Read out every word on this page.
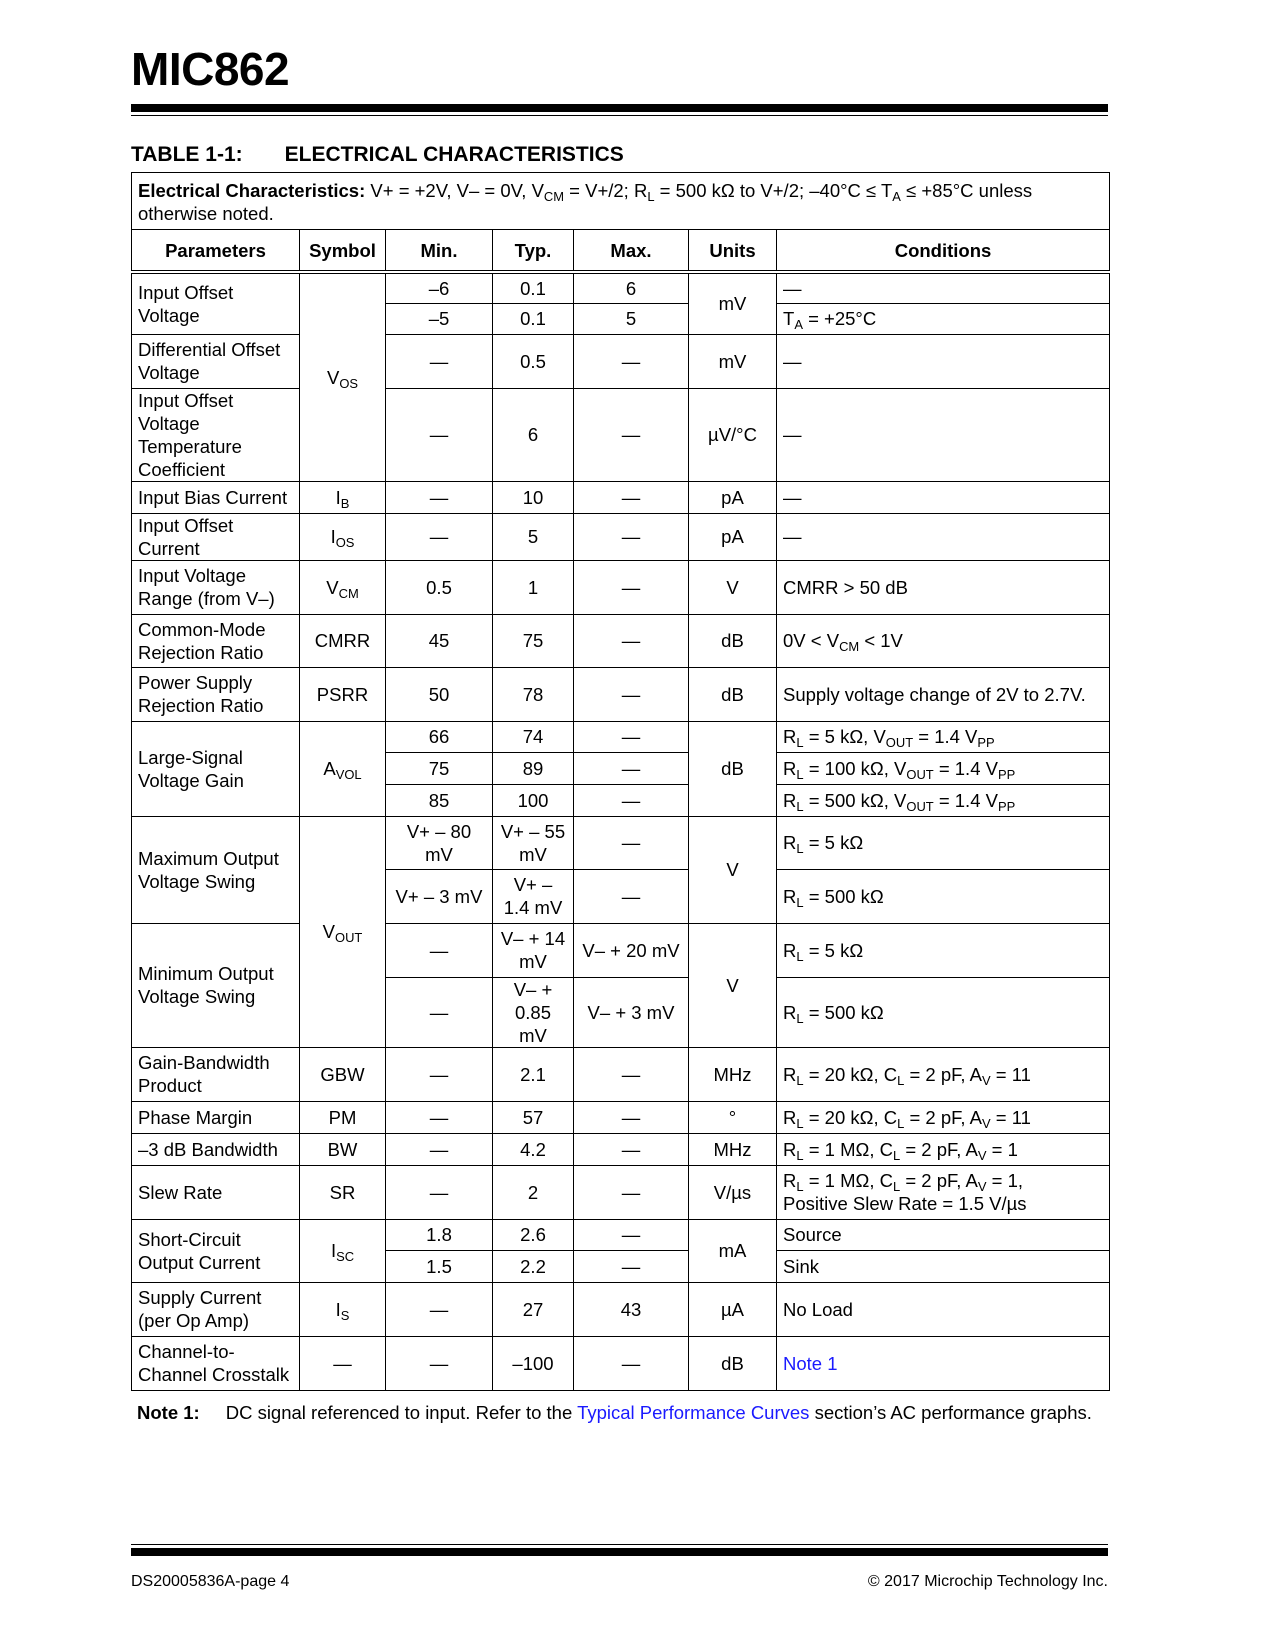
MIC862
TABLE 1-1: ELECTRICAL CHARACTERISTICS
Electrical Characteristics: V+ = +2V, V– = 0V, $V_{CM} = V+/2$; $R_L = 500$ kΩ to V+/2; $-40^\circ C \le T_A \le +85^\circ C$ unless otherwise noted.						
Parameters	Symbol	Min.	Typ.	Max.	Units	Conditions
Input Offset Voltage	$V_{OS}$	–6	0.1	6	mV	—
		–5	0.1	5		$T_A = +25^\circ C$
Differential Offset Voltage		—	0.5	—	mV	—
Input Offset Voltage Temperature Coefficient		—	6	—	µV/°C	—
Input Bias Current	$I_B$	—	10	—	pA	—
Input Offset Current	$I_{OS}$	—	5	—	pA	—
Input Voltage Range (from V–)	$V_{CM}$	0.5	1	—	V	CMRR > 50 dB
Common-Mode Rejection Ratio	CMRR	45	75	—	dB	$0V < V_{CM} < 1V$
Power Supply Rejection Ratio	PSRR	50	78	—	dB	Supply voltage change of 2V to 2.7V.
Large-Signal Voltage Gain	$A_{VOL}$	66	74	—	dB	$R_L = 5$ kΩ, $V_{OUT} = 1.4$ $V_{PP}$
		75	89	—		$R_L = 100$ kΩ, $V_{OUT} = 1.4$ $V_{PP}$
		85	100	—		$R_L = 500$ kΩ, $V_{OUT} = 1.4$ $V_{PP}$
Maximum Output Voltage Swing	$V_{OUT}$	V+ – 80 mV	V+ – 55 mV	—	V	$R_L = 5$ kΩ
		V+ – 3 mV	V+ – 1.4 mV	—		$R_L = 500$ kΩ
Minimum Output Voltage Swing		—	V– + 14 mV	V– + 20 mV	V	$R_L = 5$ kΩ
		—	V– + 0.85 mV	V– + 3 mV		$R_L = 500$ kΩ
Gain-Bandwidth Product	GBW	—	2.1	—	MHz	$R_L = 20$ kΩ, $C_L = 2$ pF, $A_V = 11$
Phase Margin	PM	—	57	—	°	$R_L = 20$ kΩ, $C_L = 2$ pF, $A_V = 11$
–3 dB Bandwidth	BW	—	4.2	—	MHz	$R_L = 1$ MΩ, $C_L = 2$ pF, $A_V = 1$
Slew Rate	SR	—	2	—	V/µs	$R_L = 1$ MΩ, $C_L = 2$ pF, $A_V = 1$,
Positive Slew Rate = 1.5 V/µs
Short-Circuit Output Current	$I_{SC}$	1.8	2.6	—	mA	Source
		1.5	2.2	—		Sink
Supply Current (per Op Amp)	$I_S$	—	27	43	µA	No Load
Channel-to-Channel Crosstalk	—	—	–100	—	dB	Note 1
Note 1: DC signal referenced to input. Refer to the Typical Performance Curves section’s AC performance graphs.
DS20005836A-page 4	© 2017 Microchip Technology Inc.
